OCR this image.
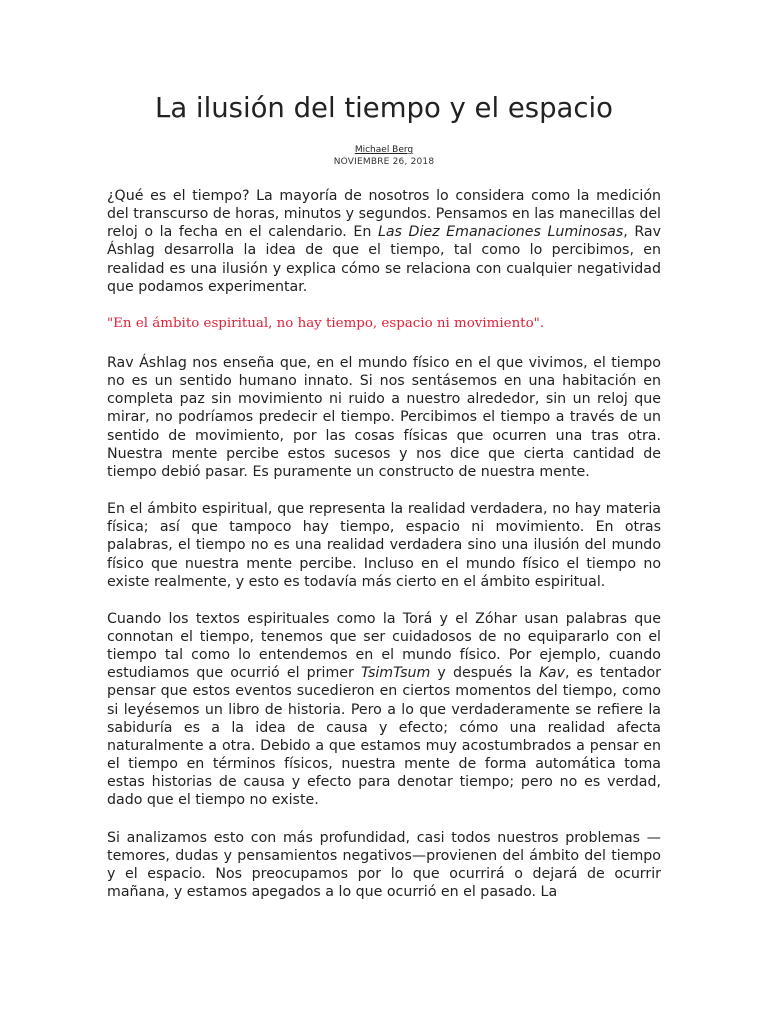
La ilusión del tiempo y el espacio
Michael Berg
NOVIEMBRE 26, 2018

¿Qué es el tiempo? La mayoría de nosotros lo considera como la medición del transcurso de horas, minutos y segundos. Pensamos en las manecillas del reloj o la fecha en el calendario. En Las Diez Emanaciones Luminosas, Rav Áshlag desarrolla la idea de que el tiempo, tal como lo percibimos, en realidad es una ilusión y explica cómo se relaciona con cualquier negatividad que podamos experimentar.

"En el ámbito espiritual, no hay tiempo, espacio ni movimiento".

Rav Áshlag nos enseña que, en el mundo físico en el que vivimos, el tiempo no es un sentido humano innato. Si nos sentásemos en una habitación en completa paz sin movimiento ni ruido a nuestro alrededor, sin un reloj que mirar, no podríamos predecir el tiempo. Percibimos el tiempo a través de un sentido de movimiento, por las cosas físicas que ocurren una tras otra. Nuestra mente percibe estos sucesos y nos dice que cierta cantidad de tiempo debió pasar. Es puramente un constructo de nuestra mente.

En el ámbito espiritual, que representa la realidad verdadera, no hay materia física; así que tampoco hay tiempo, espacio ni movimiento. En otras palabras, el tiempo no es una realidad verdadera sino una ilusión del mundo físico que nuestra mente percibe. Incluso en el mundo físico el tiempo no existe realmente, y esto es todavía más cierto en el ámbito espiritual.

Cuando los textos espirituales como la Torá y el Zóhar usan palabras que connotan el tiempo, tenemos que ser cuidadosos de no equipararlo con el tiempo tal como lo entendemos en el mundo físico. Por ejemplo, cuando estudiamos que ocurrió el primer TsimTsum y después la Kav, es tentador pensar que estos eventos sucedieron en ciertos momentos del tiempo, como si leyésemos un libro de historia. Pero a lo que verdaderamente se refiere la sabiduría es a la idea de causa y efecto; cómo una realidad afecta naturalmente a otra. Debido a que estamos muy acostumbrados a pensar en el tiempo en términos físicos, nuestra mente de forma automática toma estas historias de causa y efecto para denotar tiempo; pero no es verdad, dado que el tiempo no existe.

Si analizamos esto con más profundidad, casi todos nuestros problemas —temores, dudas y pensamientos negativos—provienen del ámbito del tiempo y el espacio. Nos preocupamos por lo que ocurrirá o dejará de ocurrir mañana, y estamos apegados a lo que ocurrió en el pasado. La
